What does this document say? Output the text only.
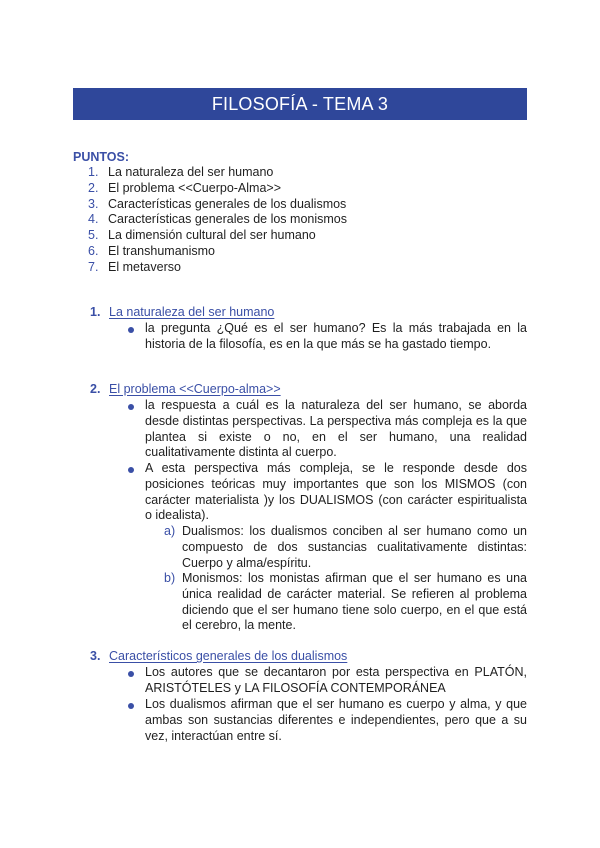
FILOSOFÍA - TEMA 3
PUNTOS:
1. La naturaleza del ser humano
2. El problema <<Cuerpo-Alma>>
3. Características generales de los dualismos
4. Características generales de los monismos
5. La dimensión cultural del ser humano
6. El transhumanismo
7. El metaverso
1. La naturaleza del ser humano
la pregunta ¿Qué es el ser humano? Es la más trabajada en la historia de la filosofía, es en la que más se ha gastado tiempo.
2. El problema <<Cuerpo-alma>>
la respuesta a cuál es la naturaleza del ser humano, se aborda desde distintas perspectivas. La perspectiva más compleja es la que plantea si existe o no, en el ser humano, una realidad cualitativamente distinta al cuerpo.
A esta perspectiva más compleja, se le responde desde dos posiciones teóricas muy importantes que son los MISMOS (con carácter materialista )y los DUALISMOS (con carácter espiritualista o idealista).
a) Dualismos: los dualismos conciben al ser humano como un compuesto de dos sustancias cualitativamente distintas: Cuerpo y alma/espíritu.
b) Monismos: los monistas afirman que el ser humano es una única realidad de carácter material. Se refieren al problema diciendo que el ser humano tiene solo cuerpo, en el que está el cerebro, la mente.
3. Característicos generales de los dualismos
Los autores que se decantaron por esta perspectiva en PLATÓN, ARISTÓTELES y LA FILOSOFÍA CONTEMPORÁNEA
Los dualismos afirman que el ser humano es cuerpo y alma, y que ambas son sustancias diferentes e independientes, pero que a su vez, interactúan entre sí.
